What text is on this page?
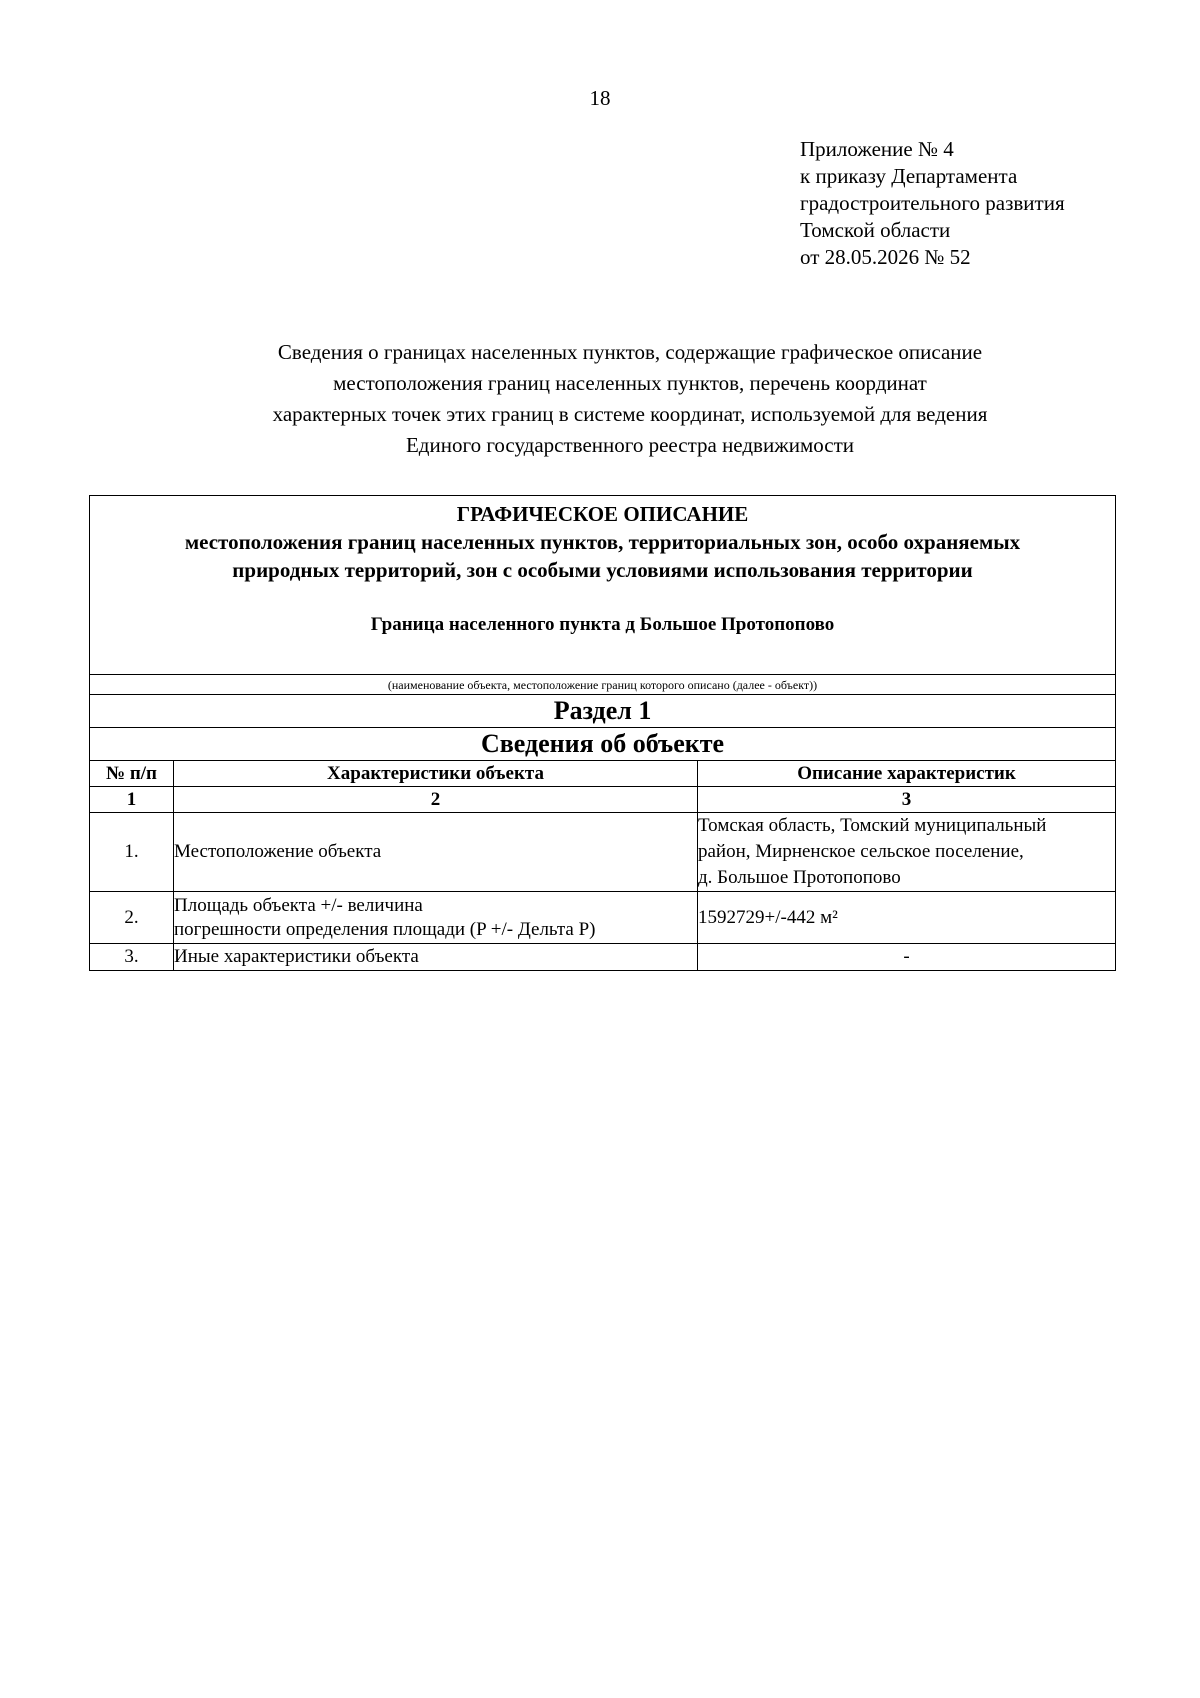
18
Приложение № 4
к приказу Департамента
градостроительного развития
Томской области
от 28.05.2026 № 52
Сведения о границах населенных пунктов, содержащие графическое описание
местоположения границ населенных пунктов, перечень координат
характерных точек этих границ в системе координат, используемой для ведения
Единого государственного реестра недвижимости
ГРАФИЧЕСКОЕ ОПИСАНИЕ
местоположения границ населенных пунктов, территориальных зон, особо охраняемых
природных территорий, зон с особыми условиями использования территории
Граница населенного пункта д Большое Протопопово		

(наименование объекта, местоположение границ которого описано (далее - объект))		
Раздел 1		
Сведения об объекте		
№ п/п	Характеристики объекта	Описание характеристик
1	2	3
1.	Местоположение объекта	Томская область, Томский муниципальный
район, Мирненское сельское поселение,
д. Большое Протопопово

2.	Площадь объекта +/- величина
погрешности определения площади (P +/- Дельта P)	1592729+/-442 м²

3.	Иные характеристики объекта	-
